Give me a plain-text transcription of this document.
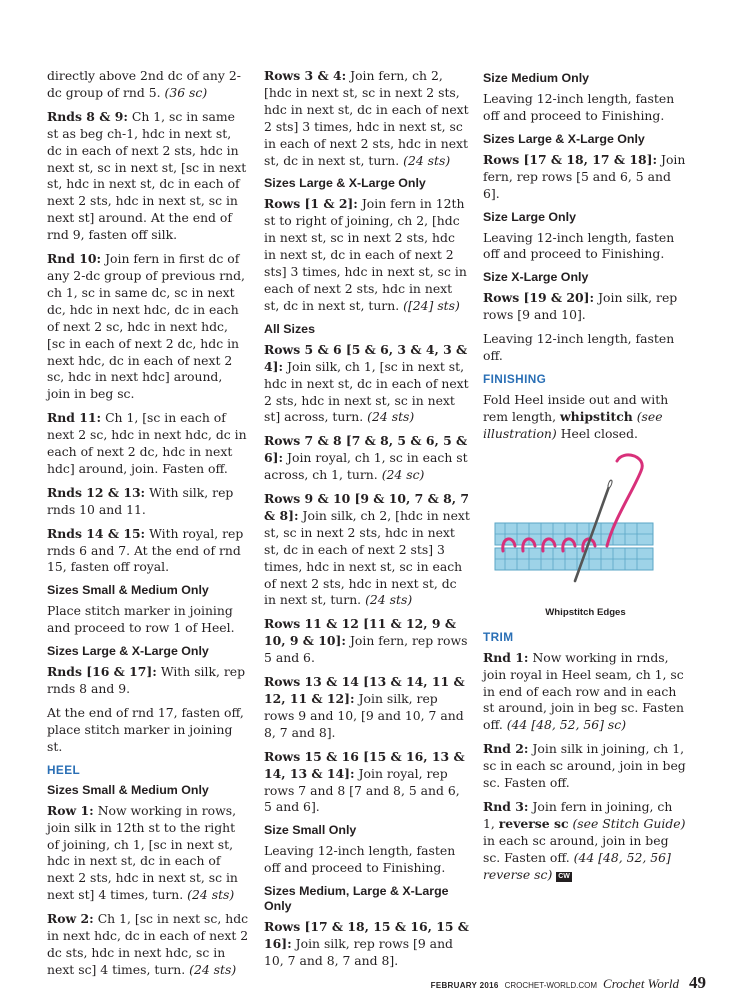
directly above 2nd dc of any 2-dc group of rnd 5. (36 sc)

Rnds 8 & 9: Ch 1, sc in same st as beg ch-1, hdc in next st, dc in each of next 2 sts, hdc in next st, sc in next st, [sc in next st, hdc in next st, dc in each of next 2 sts, hdc in next st, sc in next st] around. At the end of rnd 9, fasten off silk.

Rnd 10: Join fern in first dc of any 2-dc group of previous rnd, ch 1, sc in same dc, sc in next dc, hdc in next hdc, dc in each of next 2 sc, hdc in next hdc, [sc in each of next 2 dc, hdc in next hdc, dc in each of next 2 sc, hdc in next hdc] around, join in beg sc.

Rnd 11: Ch 1, [sc in each of next 2 sc, hdc in next hdc, dc in each of next 2 dc, hdc in next hdc] around, join. Fasten off.

Rnds 12 & 13: With silk, rep rnds 10 and 11.

Rnds 14 & 15: With royal, rep rnds 6 and 7. At the end of rnd 15, fasten off royal.

Sizes Small & Medium Only

Place stitch marker in joining and proceed to row 1 of Heel.

Sizes Large & X-Large Only

Rnds [16 & 17]: With silk, rep rnds 8 and 9.

At the end of rnd 17, fasten off, place stitch marker in joining st.

HEEL
Sizes Small & Medium Only

Row 1: Now working in rows, join silk in 12th st to the right of joining, ch 1, [sc in next st, hdc in next st, dc in each of next 2 sts, hdc in next st, sc in next st] 4 times, turn. (24 sts)

Row 2: Ch 1, [sc in next sc, hdc in next hdc, dc in each of next 2 dc sts, hdc in next hdc, sc in next sc] 4 times, turn. (24 sts)

Rows 3 & 4: Join fern, ch 2, [hdc in next st, sc in next 2 sts, hdc in next st, dc in each of next 2 sts] 3 times, hdc in next st, sc in each of next 2 sts, hdc in next st, dc in next st, turn. (24 sts)

Sizes Large & X-Large Only

Rows [1 & 2]: Join fern in 12th st to right of joining, ch 2, [hdc in next st, sc in next 2 sts, hdc in next st, dc in each of next 2 sts] 3 times, hdc in next st, sc in each of next 2 sts, hdc in next st, dc in next st, turn. ([24] sts)

All Sizes

Rows 5 & 6 [5 & 6, 3 & 4, 3 & 4]: Join silk, ch 1, [sc in next st, hdc in next st, dc in each of next 2 sts, hdc in next st, sc in next st] across, turn. (24 sts)

Rows 7 & 8 [7 & 8, 5 & 6, 5 & 6]: Join royal, ch 1, sc in each st across, ch 1, turn. (24 sc)

Rows 9 & 10 [9 & 10, 7 & 8, 7 & 8]: Join silk, ch 2, [hdc in next st, sc in next 2 sts, hdc in next st, dc in each of next 2 sts] 3 times, hdc in next st, sc in each of next 2 sts, hdc in next st, dc in next st, turn. (24 sts)

Rows 11 & 12 [11 & 12, 9 & 10, 9 & 10]: Join fern, rep rows 5 and 6.

Rows 13 & 14 [13 & 14, 11 & 12, 11 & 12]: Join silk, rep rows 9 and 10, [9 and 10, 7 and 8, 7 and 8].

Rows 15 & 16 [15 & 16, 13 & 14, 13 & 14]: Join royal, rep rows 7 and 8 [7 and 8, 5 and 6, 5 and 6].

Size Small Only

Leaving 12-inch length, fasten off and proceed to Finishing.

Sizes Medium, Large & X-Large Only

Rows [17 & 18, 15 & 16, 15 & 16]: Join silk, rep rows [9 and 10, 7 and 8, 7 and 8].

Size Medium Only

Leaving 12-inch length, fasten off and proceed to Finishing.

Sizes Large & X-Large Only

Rows [17 & 18, 17 & 18]: Join fern, rep rows [5 and 6, 5 and 6].

Size Large Only

Leaving 12-inch length, fasten off and proceed to Finishing.

Size X-Large Only

Rows [19 & 20]: Join silk, rep rows [9 and 10].

Leaving 12-inch length, fasten off.

FINISHING

Fold Heel inside out and with rem length, whipstitch (see illustration) Heel closed.

Whipstitch Edges
TRIM

Rnd 1: Now working in rnds, join royal in Heel seam, ch 1, sc in end of each row and in each st around, join in beg sc. Fasten off. (44 [48, 52, 56] sc)

Rnd 2: Join silk in joining, ch 1, sc in each sc around, join in beg sc. Fasten off.

Rnd 3: Join fern in joining, ch 1, reverse sc (see Stitch Guide) in each sc around, join in beg sc. Fasten off. (44 [48, 52, 56] reverse sc) CW

FEBRUARY 2016 CROCHET-WORLD.COM Crochet World 49
